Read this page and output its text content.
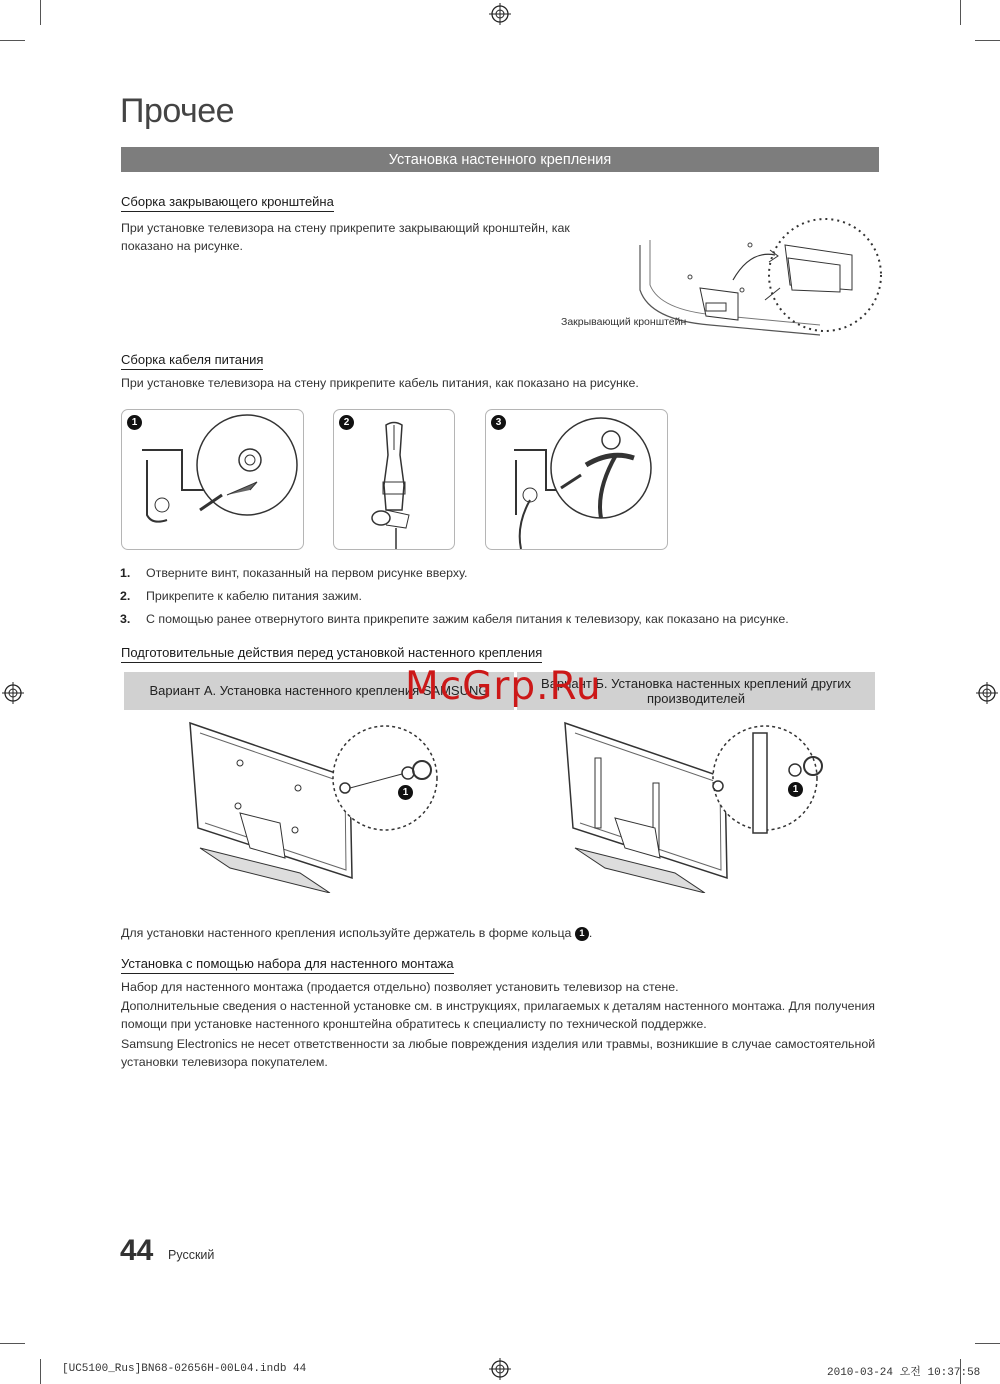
Прочее
Установка настенного крепления
Сборка закрывающего кронштейна
При установке телевизора на стену прикрепите закрывающий кронштейн, как показано на рисунке.
Закрывающий кронштейн
Сборка кабеля питания
При установке телевизора на стену прикрепите кабель питания, как показано на рисунке.
1	2	3
1. Отверните винт, показанный на первом рисунке вверху.
2. Прикрепите к кабелю питания зажим.
3. С помощью ранее отвернутого винта прикрепите зажим кабеля питания к телевизору, как показано на рисунке.
Подготовительные действия перед установкой настенного крепления
Вариант А. Установка настенного крепления SAMSUNG	Вариант Б. Установка настенных креплений других
производителей
McGrp.Ru
1	1
Для установки настенного крепления используйте держатель в форме кольца 1 .
Установка с помощью набора для настенного монтажа
Набор для настенного монтажа (продается отдельно) позволяет установить телевизор на стене.
Дополнительные сведения о настенной установке см. в инструкциях, прилагаемых к деталям настенного монтажа. Для получения помощи при установке настенного кронштейна обратитесь к специалисту по технической поддержке.
Samsung Electronics не несет ответственности за любые повреждения изделия или травмы, возникшие в случае самостоятельной установки телевизора покупателем.
44 Русский
[UC5100_Rus]BN68-02656H-00L04.indb 44	2010-03-24 오전 10:37:58
